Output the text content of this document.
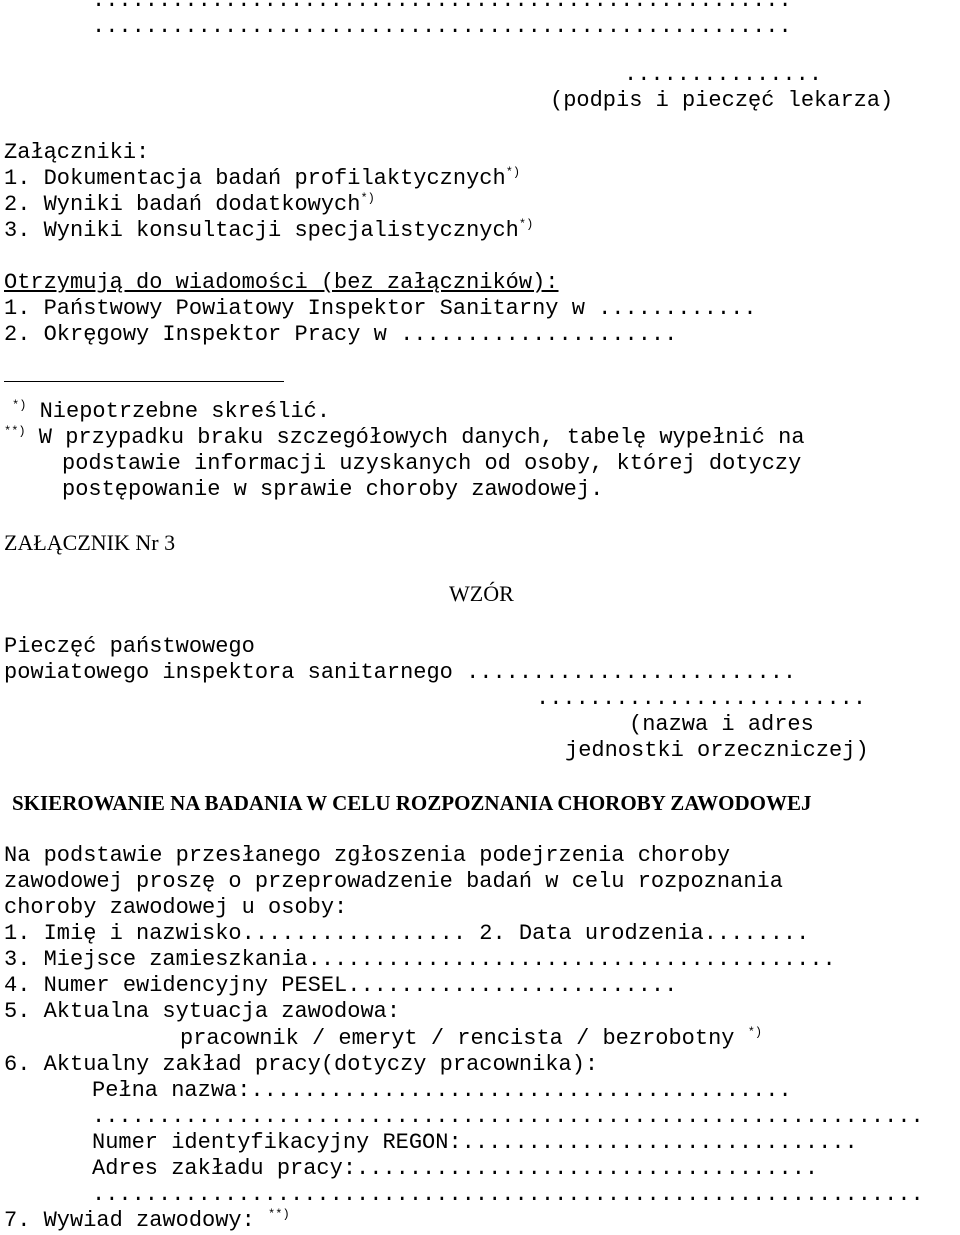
.....................................................
.....................................................
...............
(podpis i pieczęć lekarza)
Załączniki:
1. Dokumentacja badań profilaktycznych*)
2. Wyniki badań dodatkowych*)
3. Wyniki konsultacji specjalistycznych*)
Otrzymują do wiadomości (bez załączników):
1. Państwowy Powiatowy Inspektor Sanitarny w ............
2. Okręgowy Inspektor Pracy w .....................
*) Niepotrzebne skreślić.
**) W przypadku braku szczegółowych danych, tabelę wypełnić na
podstawie informacji uzyskanych od osoby, której dotyczy
postępowanie w sprawie choroby zawodowej.
ZAŁĄCZNIK Nr 3
WZÓR
Pieczęć państwowego
powiatowego inspektora sanitarnego .........................
.........................
(nazwa i adres
jednostki orzeczniczej)
SKIEROWANIE NA BADANIA W CELU ROZPOZNANIA CHOROBY ZAWODOWEJ
Na podstawie przesłanego zgłoszenia podejrzenia choroby
zawodowej proszę o przeprowadzenie badań w celu rozpoznania
choroby zawodowej u osoby:
1. Imię i nazwisko................. 2. Data urodzenia........
3. Miejsce zamieszkania........................................
4. Numer ewidencyjny PESEL.........................
5. Aktualna sytuacja zawodowa:
pracownik / emeryt / rencista / bezrobotny *)
6. Aktualny zakład pracy(dotyczy pracownika):
Pełna nazwa:.........................................
...............................................................
Numer identyfikacyjny REGON:..............................
Adres zakładu pracy:...................................
...............................................................
7. Wywiad zawodowy: **)
